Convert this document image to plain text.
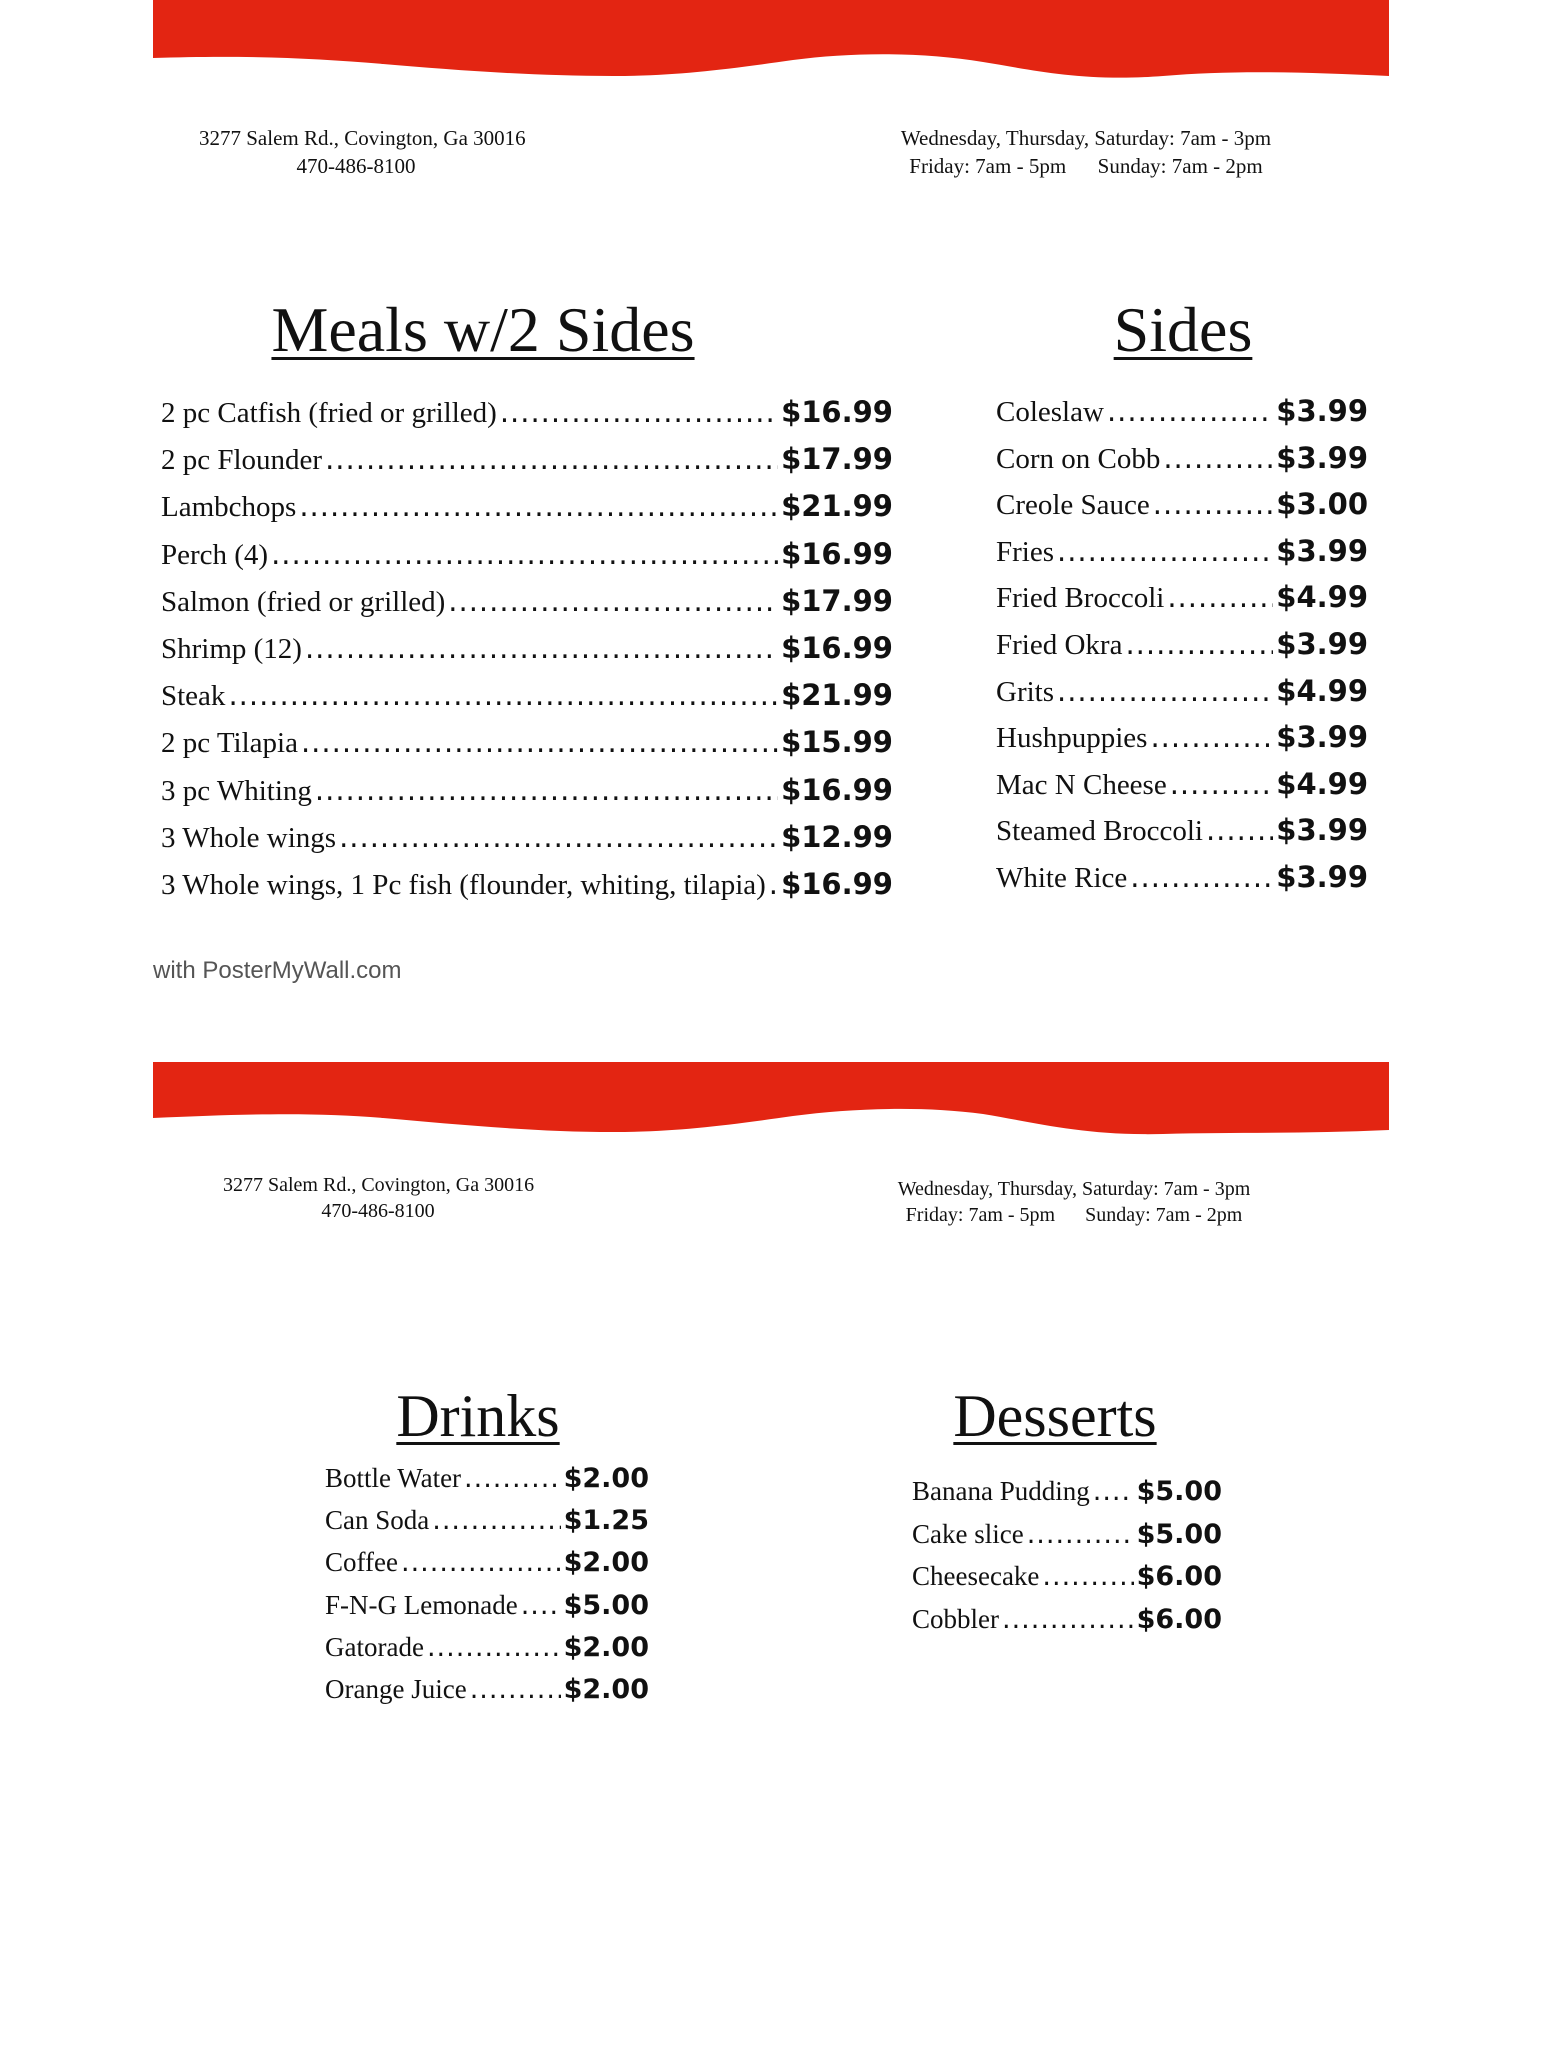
3277 Salem Rd., Covington, Ga 30016
470-486-8100
Wednesday, Thursday, Saturday: 7am - 3pm
Friday: 7am - 5pm      Sunday: 7am - 2pm
Meals w/2 Sides	Sides
2 pc Catfish (fried or grilled) .....	$16.99
2 pc Flounder .....	$17.99
Lambchops .....	$21.99
Perch (4) .....	$16.99
Salmon (fried or grilled) .....	$17.99
Shrimp (12) .....	$16.99
Steak .....	$21.99
2 pc Tilapia .....	$15.99
3 pc Whiting .....	$16.99
3 Whole wings .....	$12.99
3 Whole wings, 1 Pc fish (flounder, whiting, tilapia) ..... $16.99
Coleslaw .....	$3.99
Corn on Cobb .....	$3.99
Creole Sauce .....	$3.00
Fries .....	$3.99
Fried Broccoli .....	$4.99
Fried Okra .....	$3.99
Grits .....	$4.99
Hushpuppies .....	$3.99
Mac N Cheese .....	$4.99
Steamed Broccoli .....	$3.99
White Rice .....	$3.99
with PosterMyWall.com
3277 Salem Rd., Covington, Ga 30016
470-486-8100
Wednesday, Thursday, Saturday: 7am - 3pm
Friday: 7am - 5pm      Sunday: 7am - 2pm
Drinks	Desserts
Bottle Water .....	$2.00
Can Soda .....	$1.25
Coffee .....	$2.00
F-N-G Lemonade ..... $5.00
Gatorade .....	$2.00
Orange Juice .....	$2.00
Banana Pudding ..... $5.00
Cake slice .....	$5.00
Cheesecake .....	$6.00
Cobbler .....	$6.00
